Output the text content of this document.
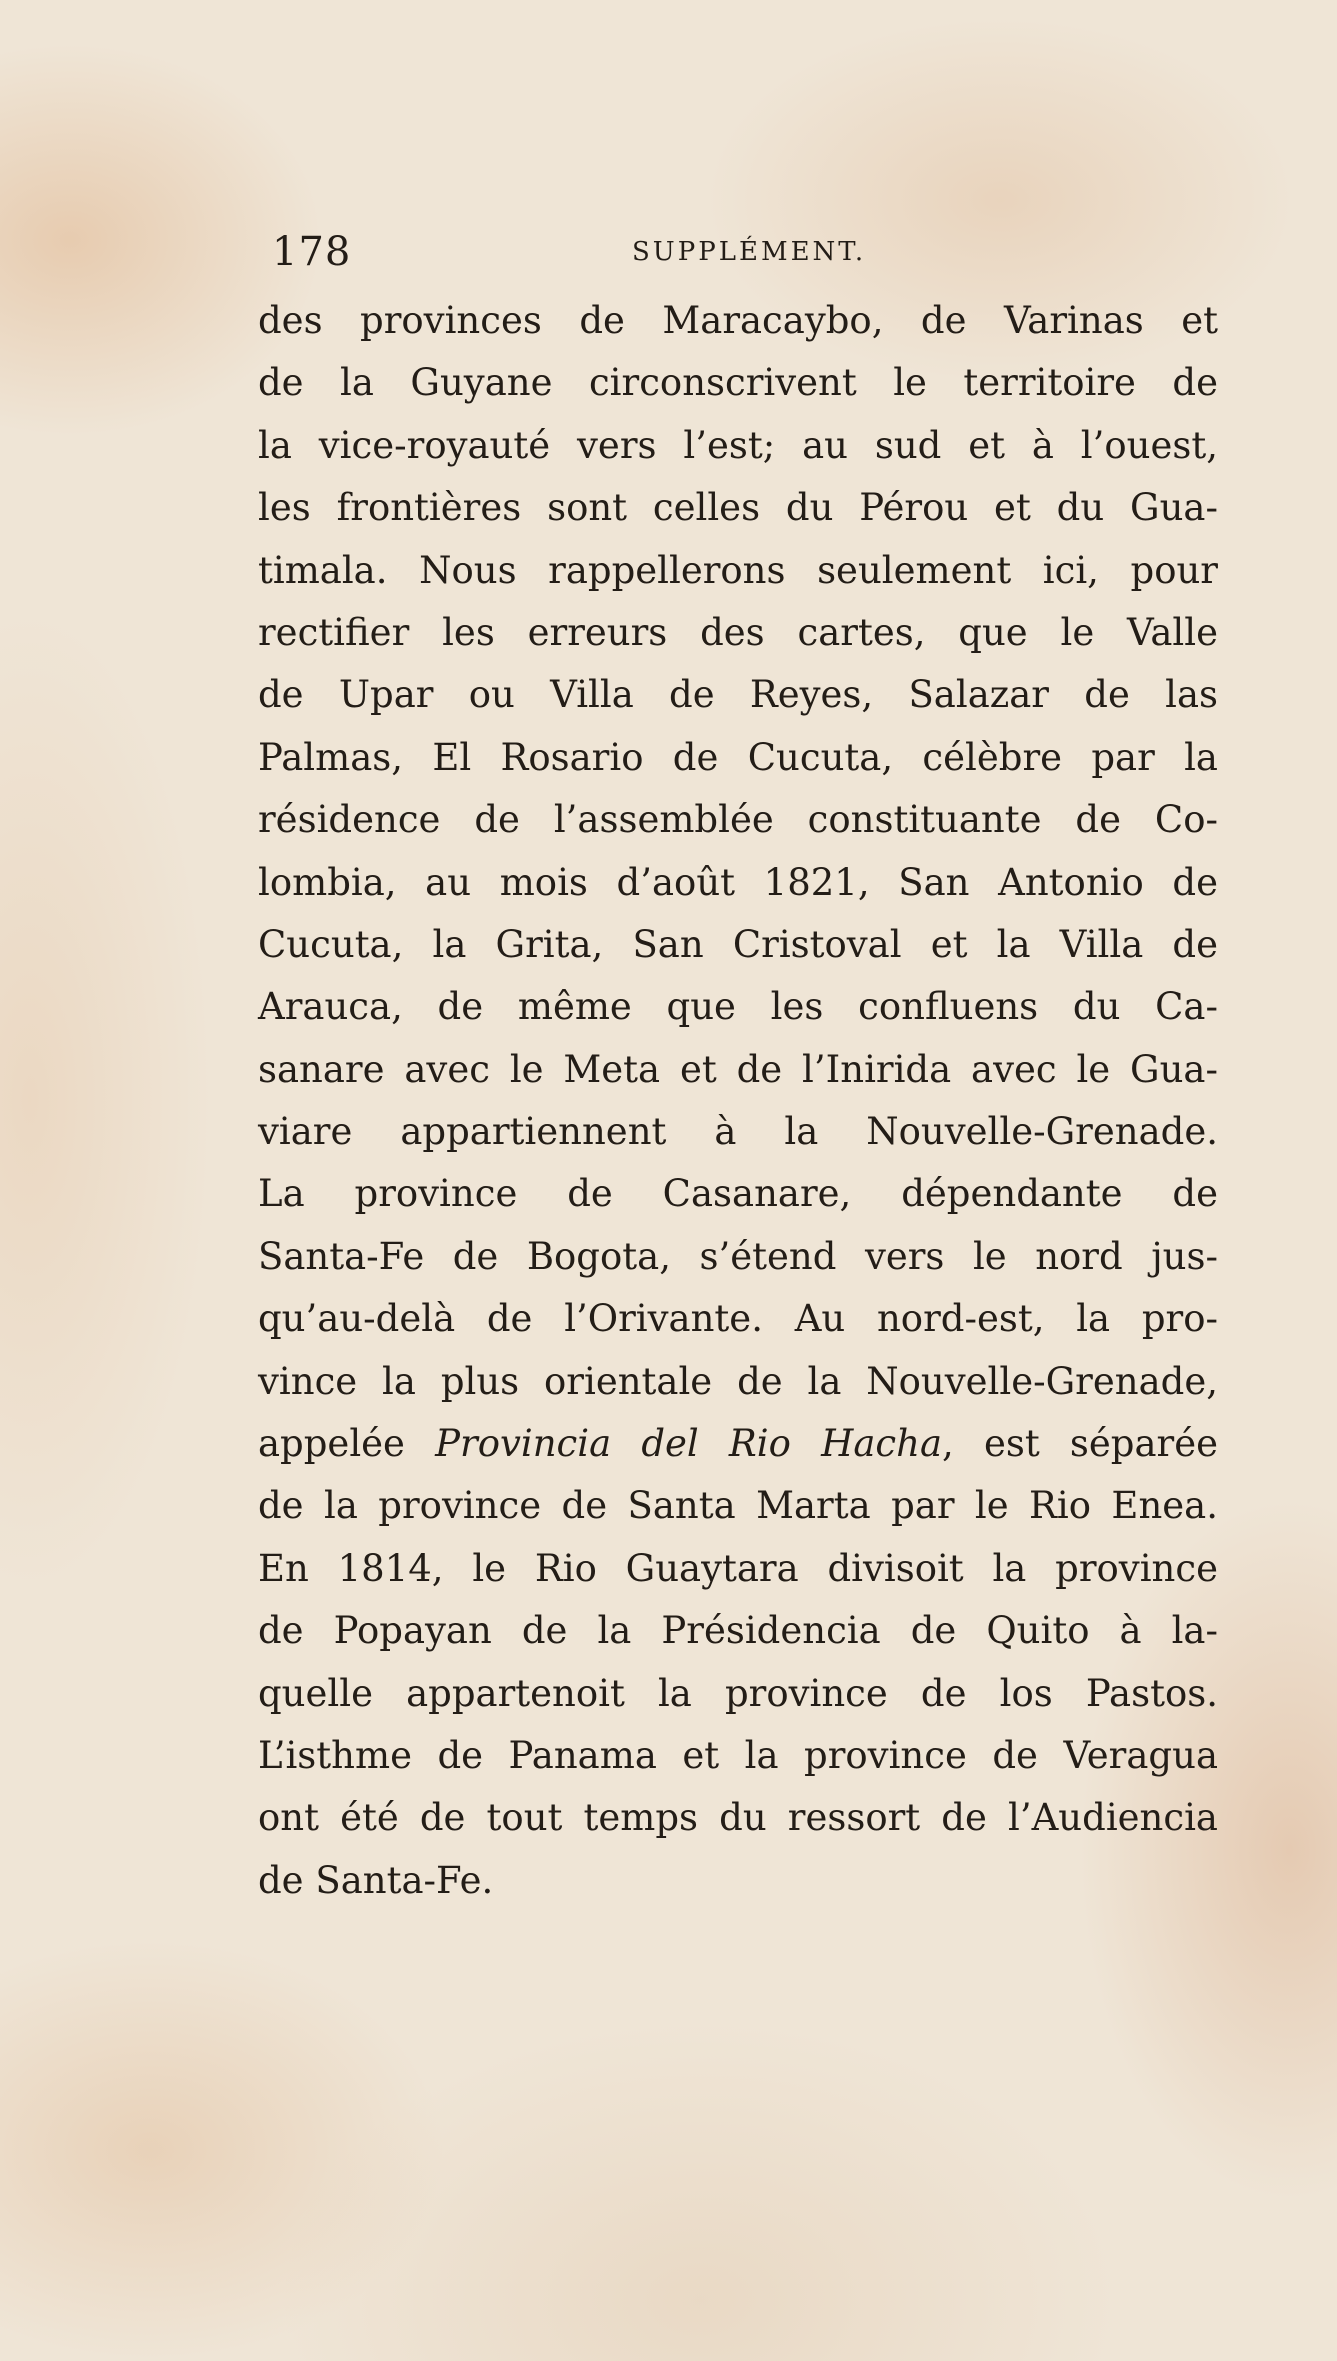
178	SUPPLÉMENT.
des provinces de Maracaybo, de Varinas et
de la Guyane circonscrivent le territoire de
la vice-royauté vers l’est; au sud et à l’ouest,
les frontières sont celles du Pérou et du Gua-
timala. Nous rappellerons seulement ici, pour
rectifier les erreurs des cartes, que le Valle
de Upar ou Villa de Reyes, Salazar de las
Palmas, El Rosario de Cucuta, célèbre par la
résidence de l’assemblée constituante de Co-
lombia, au mois d’août 1821, San Antonio de
Cucuta, la Grita, San Cristoval et la Villa de
Arauca, de même que les confluens du Ca-
sanare avec le Meta et de l’Inirida avec le Gua-
viare appartiennent à la Nouvelle-Grenade.
La province de Casanare, dépendante de
Santa-Fe de Bogota, s’étend vers le nord jus-
qu’au-delà de l’Orivante. Au nord-est, la pro-
vince la plus orientale de la Nouvelle-Grenade,
appelée Provincia del Rio Hacha, est séparée
de la province de Santa Marta par le Rio Enea.
En 1814, le Rio Guaytara divisoit la province
de Popayan de la Présidencia de Quito à la-
quelle appartenoit la province de los Pastos.
L’isthme de Panama et la province de Veragua
ont été de tout temps du ressort de l’Audiencia
de Santa-Fe.
